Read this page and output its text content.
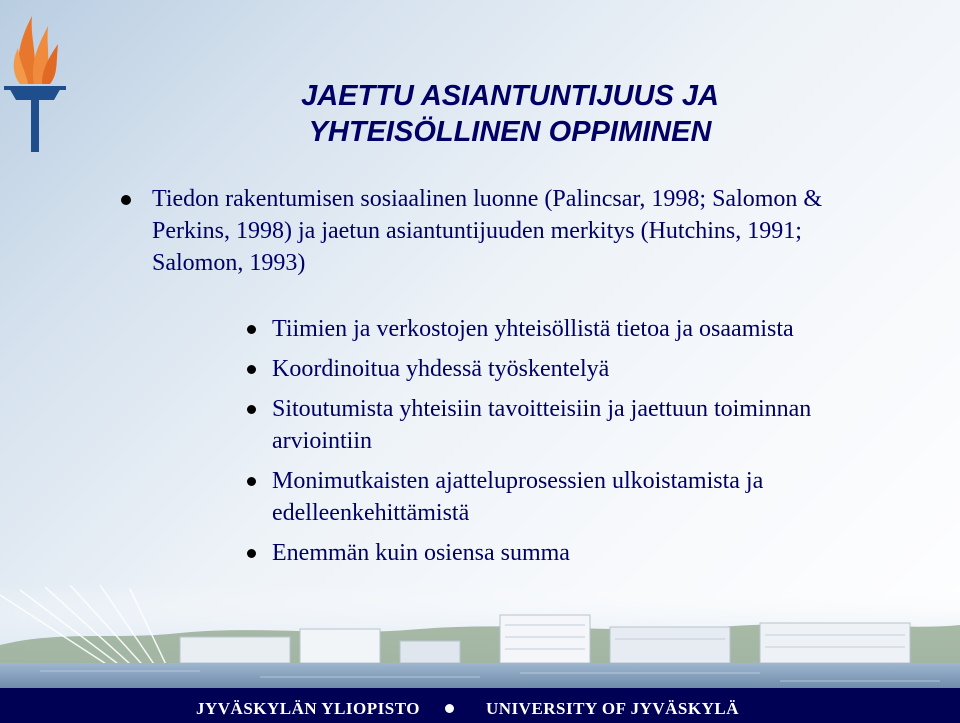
JAETTU ASIANTUNTIJUUS JA
YHTEISÖLLINEN OPPIMINEN
Tiedon rakentumisen sosiaalinen luonne (Palincsar, 1998; Salomon &
Perkins, 1998) ja jaetun asiantuntijuuden merkitys (Hutchins, 1991;
Salomon, 1993)
Tiimien ja verkostojen yhteisöllistä tietoa ja osaamista
Koordinoitua yhdessä työskentelyä
Sitoutumista yhteisiin tavoitteisiin ja jaettuun toiminnan
arviointiin
Monimutkaisten ajatteluprosessien ulkoistamista ja
edelleenkehittämistä
Enemmän kuin osiensa summa
JYVÄSKYLÄN YLIOPISTO	UNIVERSITY OF JYVÄSKYLÄ
